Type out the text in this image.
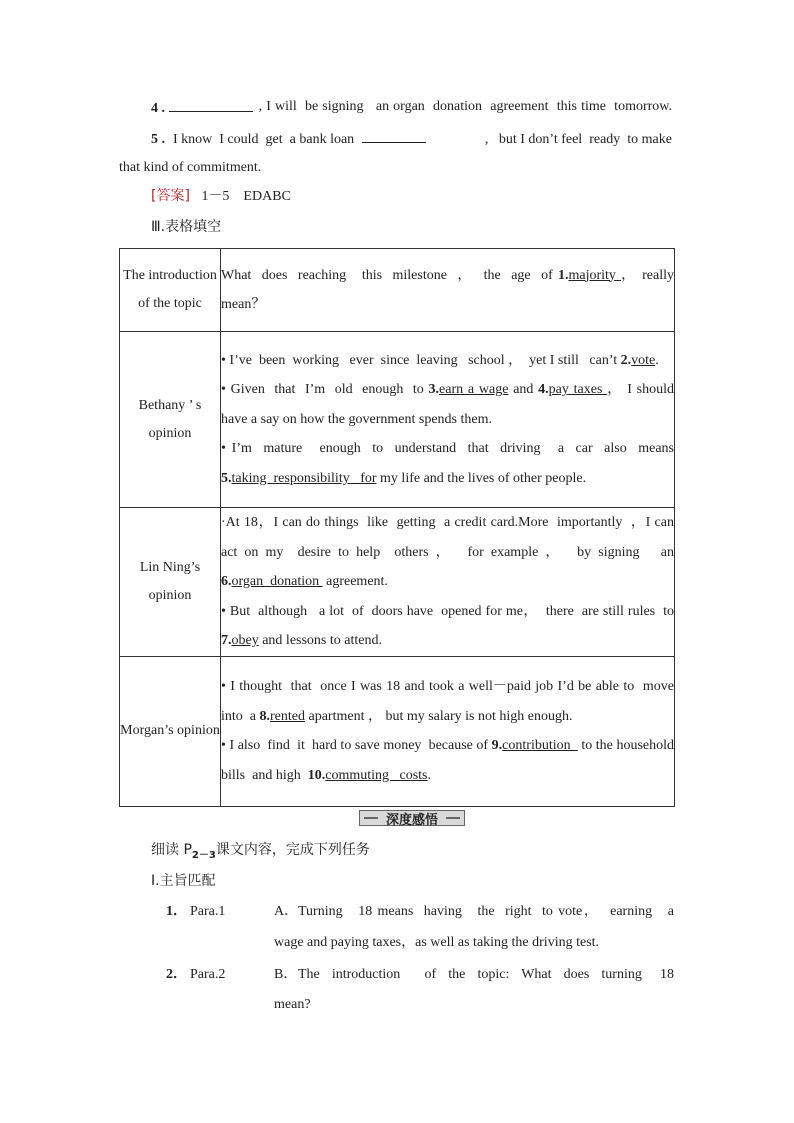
4 .	, I will  be signing   an organ  donation  agreement  this time  tomorrow.
5 . I know  I could  get  a bank loan	,   but I don’t feel  ready  to make
that kind of commitment.
[答案] 1－5    EDABC
Ⅲ.表格填空
The introduction of the topic	What  does  reaching   this  milestone  ，  the  age  of 1.majority ， really mean？
Bethany ’ s opinion	• I’ve  been  working   ever  since  leaving   school ，  yet I still   can’t 2.vote.
• Given  that  I’m  old  enough  to 3.earn a wage and 4.pay taxes ， I should have a say on how the government spends them.
• I’m  mature   enough  to  understand  that  driving   a  car  also  means 5.taking  responsibility   for my life and the lives of other people.

Lin Ning’s opinion	·At 18，I can do things  like  getting  a credit card.More  importantly  ，I can act on my  desire to help  others ，  for example ，  by signing   an 6.organ  donation  agreement.
• But  although   a lot  of  doors have  opened for me，  there  are still rules  to 7.obey and lessons to attend.

Morgan’s opinion	• I thought  that  once I was 18 and took a well－paid job I’d be able to  move  into  a 8.rented apartment ， but my salary is not high enough.
• I also  find  it  hard to save money  because of 9.contribution   to the household bills  and high  10.commuting   costs.
深度感悟
细读 $P_{2-3}$课文内容，完成下列任务
Ⅰ.主旨匹配
1． Para.1	A． Turning   18 means  having   the  right  to vote，  earning   a
wage and paying taxes，as well as taking the driving test.
2． Para.2	B． The  introduction    of  the  topic:  What  does  turning   18
mean?
